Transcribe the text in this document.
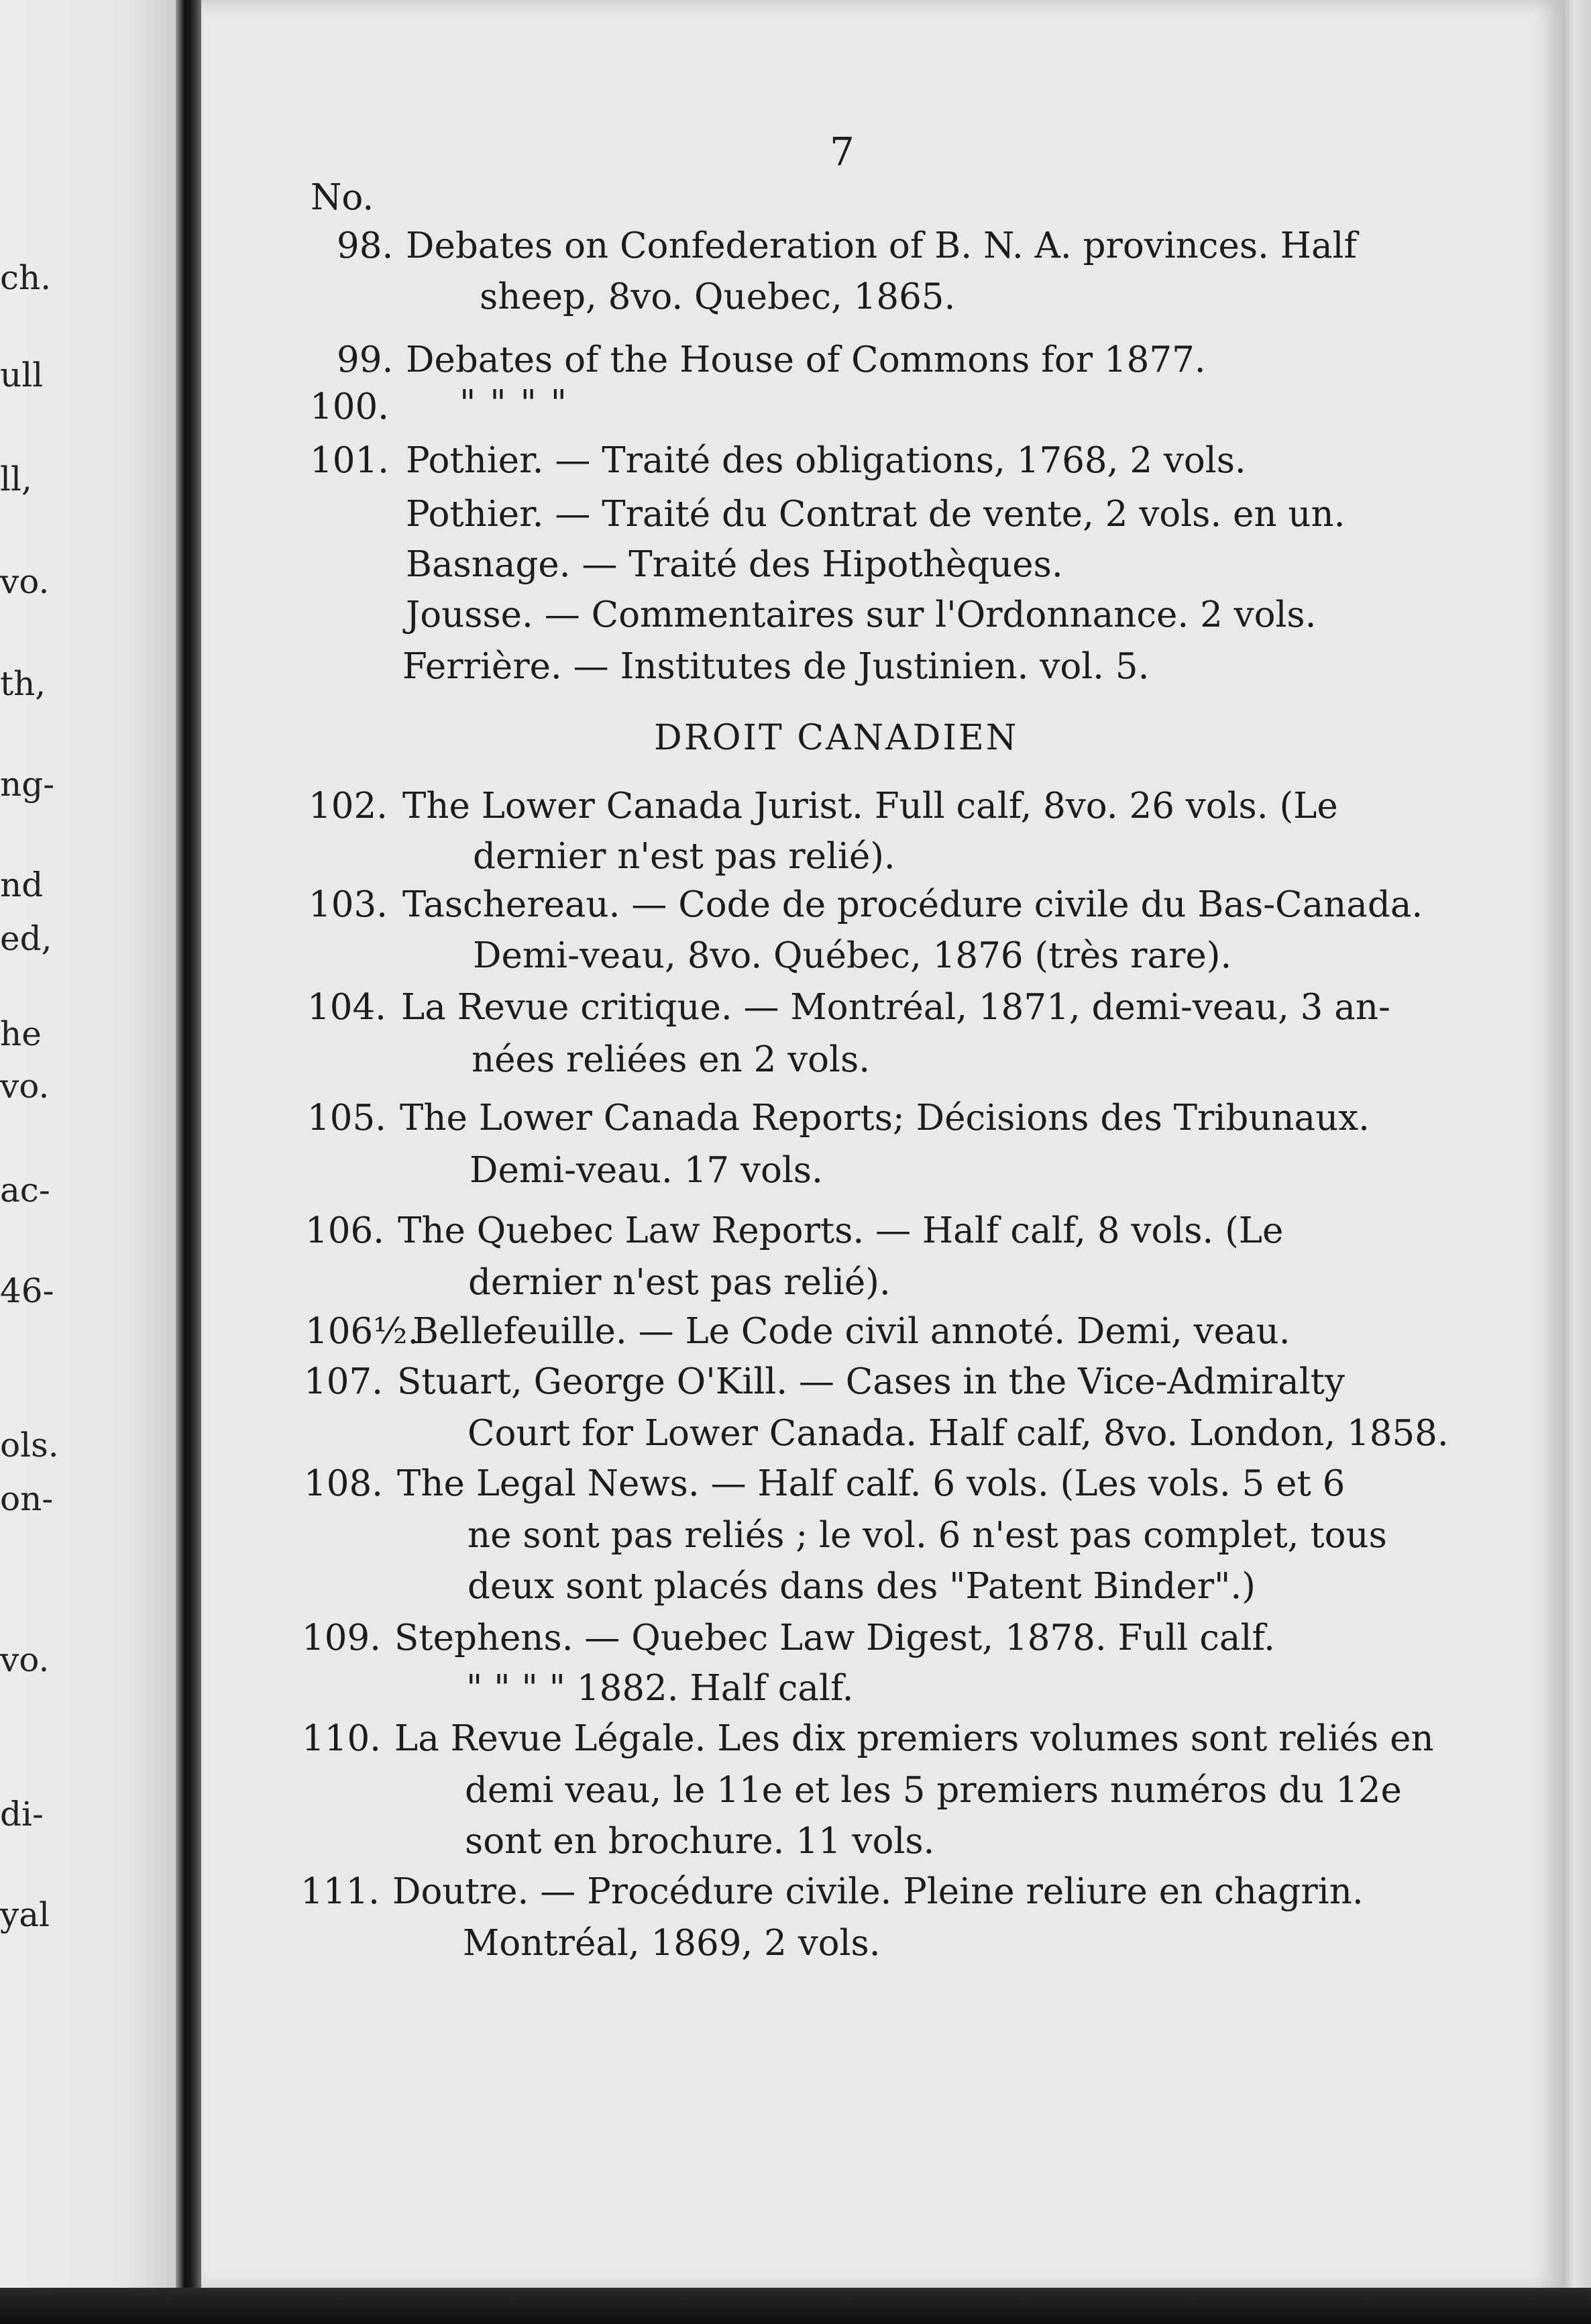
ch.
ull
ll,
vo.
th,
ng-
nd
ed,
he
vo.
ac-
46-
ols.
on-
vo.
di-
yal
7
No.
98. Debates on Confederation of B. N. A. provinces. Half
sheep, 8vo. Quebec, 1865.
99. Debates of the House of Commons for 1877.
100. " " " "
101. Pothier. — Traité des obligations, 1768, 2 vols.
Pothier. — Traité du Contrat de vente, 2 vols. en un.
Basnage. — Traité des Hipothèques.
Jousse. — Commentaires sur l'Ordonnance. 2 vols.
Ferrière. — Institutes de Justinien. vol. 5.
DROIT CANADIEN
102. The Lower Canada Jurist. Full calf, 8vo. 26 vols. (Le
dernier n'est pas relié).
103. Taschereau. — Code de procédure civile du Bas-Canada.
Demi-veau, 8vo. Québec, 1876 (très rare).
104. La Revue critique. — Montréal, 1871, demi-veau, 3 an-
nées reliées en 2 vols.
105. The Lower Canada Reports; Décisions des Tribunaux.
Demi-veau. 17 vols.
106. The Quebec Law Reports. — Half calf, 8 vols. (Le
dernier n'est pas relié).
106½.
Bellefeuille. — Le Code civil annoté. Demi, veau.
107. Stuart, George O'Kill. — Cases in the Vice-Admiralty
Court for Lower Canada. Half calf, 8vo. London, 1858.
108. The Legal News. — Half calf. 6 vols. (Les vols. 5 et 6
ne sont pas reliés ; le vol. 6 n'est pas complet, tous
deux sont placés dans des "Patent Binder".)
109. Stephens. — Quebec Law Digest, 1878. Full calf.
" " " " 1882. Half calf.
110. La Revue Légale. Les dix premiers volumes sont reliés en
demi veau, le 11e et les 5 premiers numéros du 12e
sont en brochure. 11 vols.
111. Doutre. — Procédure civile. Pleine reliure en chagrin.
Montréal, 1869, 2 vols.
